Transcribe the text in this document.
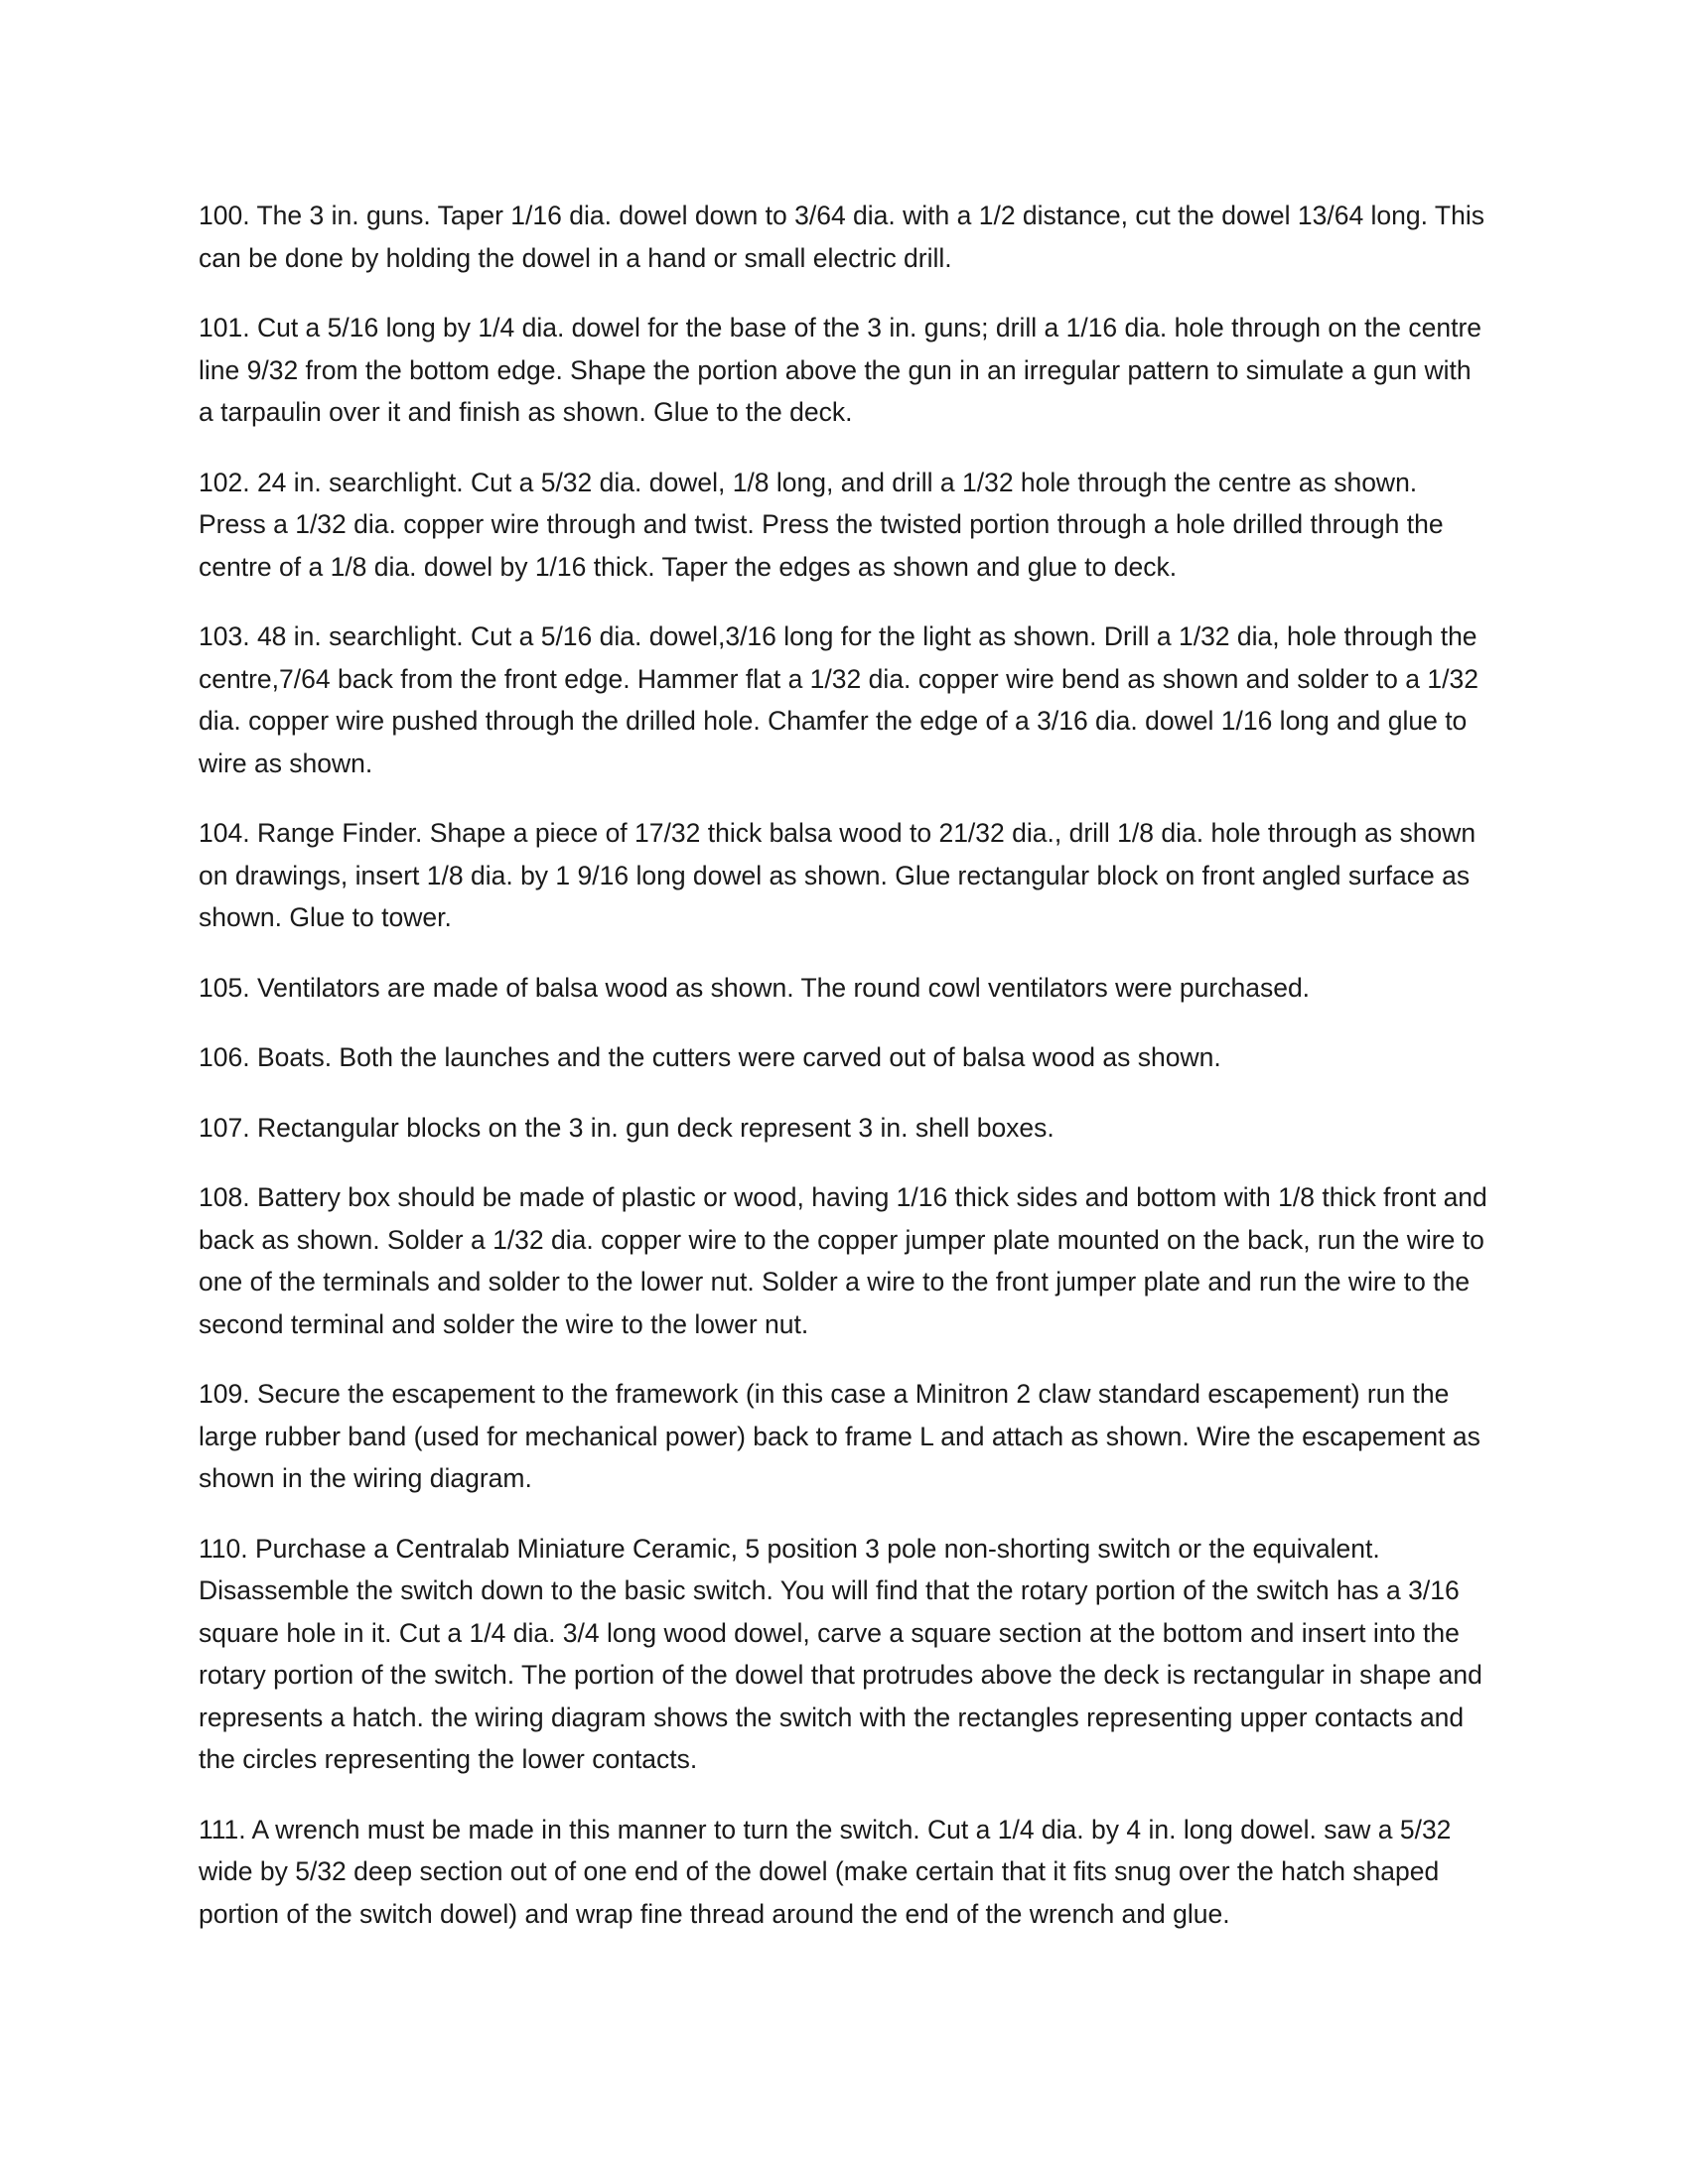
100. The 3 in. guns. Taper 1/16 dia. dowel down to 3/64 dia. with a 1/2 distance, cut the dowel 13/64 long. This can be done by holding the dowel in a hand or small electric drill.

101. Cut a 5/16 long by 1/4 dia. dowel for the base of the 3 in. guns; drill a 1/16 dia. hole through on the centre line 9/32 from the bottom edge. Shape the portion above the gun in an irregular pattern to simulate a gun with a tarpaulin over it and finish as shown. Glue to the deck.

102. 24 in. searchlight. Cut a 5/32 dia. dowel, 1/8 long, and drill a 1/32 hole through the centre as shown. Press a 1/32 dia. copper wire through and twist. Press the twisted portion through a hole drilled through the centre of a 1/8 dia. dowel by 1/16 thick. Taper the edges as shown and glue to deck.

103. 48 in. searchlight. Cut a 5/16 dia. dowel,3/16 long for the light as shown. Drill a 1/32 dia, hole through the centre,7/64 back from the front edge. Hammer flat a 1/32 dia. copper wire bend as shown and solder to a 1/32 dia. copper wire pushed through the drilled hole. Chamfer the edge of a 3/16 dia. dowel 1/16 long and glue to wire as shown.

104. Range Finder. Shape a piece of 17/32 thick balsa wood to 21/32 dia., drill 1/8 dia. hole through as shown on drawings, insert 1/8 dia. by 1 9/16 long dowel as shown. Glue rectangular block on front angled surface as shown. Glue to tower.

105. Ventilators are made of balsa wood as shown. The round cowl ventilators were purchased.

106. Boats. Both the launches and the cutters were carved out of balsa wood as shown.

107. Rectangular blocks on the 3 in. gun deck represent 3 in. shell boxes.

108. Battery box should be made of plastic or wood, having 1/16 thick sides and bottom with 1/8 thick front and back as shown. Solder a 1/32 dia. copper wire to the copper jumper plate mounted on the back, run the wire to one of the terminals and solder to the lower nut. Solder a wire to the front jumper plate and run the wire to the second terminal and solder the wire to the lower nut.

109. Secure the escapement to the framework (in this case a Minitron 2 claw standard escapement) run the large rubber band (used for mechanical power) back to frame L and attach as shown. Wire the escapement as shown in the wiring diagram.

110. Purchase a Centralab Miniature Ceramic, 5 position 3 pole non-shorting switch or the equivalent. Disassemble the switch down to the basic switch. You will find that the rotary portion of the switch has a 3/16 square hole in it. Cut a 1/4 dia. 3/4 long wood dowel, carve a square section at the bottom and insert into the rotary portion of the switch. The portion of the dowel that protrudes above the deck is rectangular in shape and represents a hatch. the wiring diagram shows the switch with the rectangles representing upper contacts and the circles representing the lower contacts.

111. A wrench must be made in this manner to turn the switch. Cut a 1/4 dia. by 4 in. long dowel. saw a 5/32 wide by 5/32 deep section out of one end of the dowel (make certain that it fits snug over the hatch shaped portion of the switch dowel) and wrap fine thread around the end of the wrench and glue.
